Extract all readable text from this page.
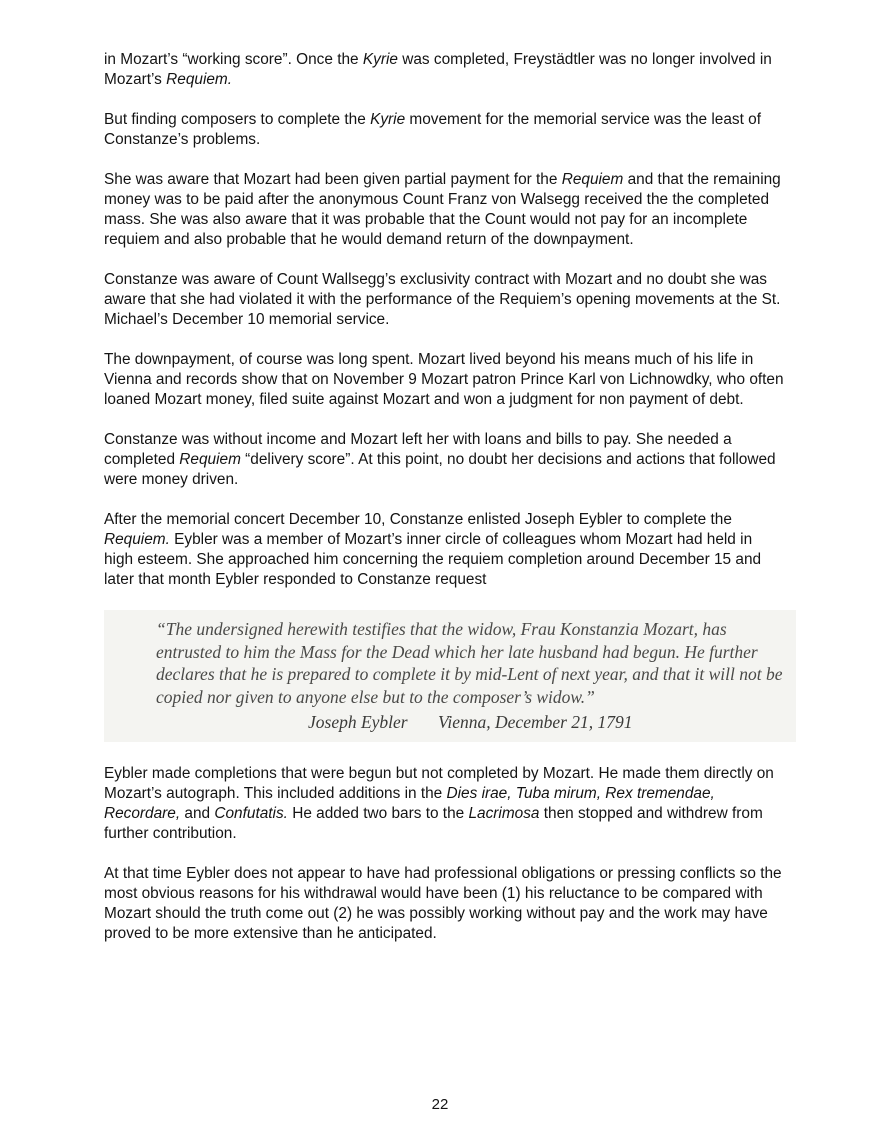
in Mozart’s “working score”. Once the Kyrie was completed, Freystädtler was no longer involved in Mozart’s Requiem.

But finding composers to complete the Kyrie movement for the memorial service was the least of Constanze’s problems.

She was aware that Mozart had been given partial payment for the Requiem and that the remaining money was to be paid after the anonymous Count Franz von Walsegg received the the completed mass. She was also aware that it was probable that the Count would not pay for an incomplete requiem and also probable that he would demand return of the downpayment.

Constanze was aware of Count Wallsegg’s exclusivity contract with Mozart and no doubt she was aware that she had violated it with the performance of the Requiem’s opening movements at the St. Michael’s December 10 memorial service.

The downpayment, of course was long spent. Mozart lived beyond his means much of his life in Vienna and records show that on November 9 Mozart patron Prince Karl von Lichnowdky, who often loaned Mozart money, filed suite against Mozart and won a judgment for non payment of debt.

Constanze was without income and Mozart left her with loans and bills to pay. She needed a completed Requiem “delivery score”. At this point, no doubt her decisions and actions that followed were money driven.

After the memorial concert December 10, Constanze enlisted Joseph Eybler to complete the Requiem. Eybler was a member of Mozart’s inner circle of colleagues whom Mozart had held in high esteem. She approached him concerning the requiem completion around December 15 and later that month Eybler responded to Constanze request

“The undersigned herewith testifies that the widow, Frau Konstanzia Mozart, has entrusted to him the Mass for the Dead which her late husband had begun. He further declares that he is prepared to complete it by mid-Lent of next year, and that it will not be copied nor given to anyone else but to the composer’s widow.”

Joseph Eybler Vienna, December 21, 1791

Eybler made completions that were begun but not completed by Mozart. He made them directly on Mozart’s autograph. This included additions in the Dies irae, Tuba mirum, Rex tremendae, Recordare, and Confutatis. He added two bars to the Lacrimosa then stopped and withdrew from further contribution.

At that time Eybler does not appear to have had professional obligations or pressing conflicts so the most obvious reasons for his withdrawal would have been (1) his reluctance to be compared with Mozart should the truth come out (2) he was possibly working without pay and the work may have proved to be more extensive than he anticipated.

22
